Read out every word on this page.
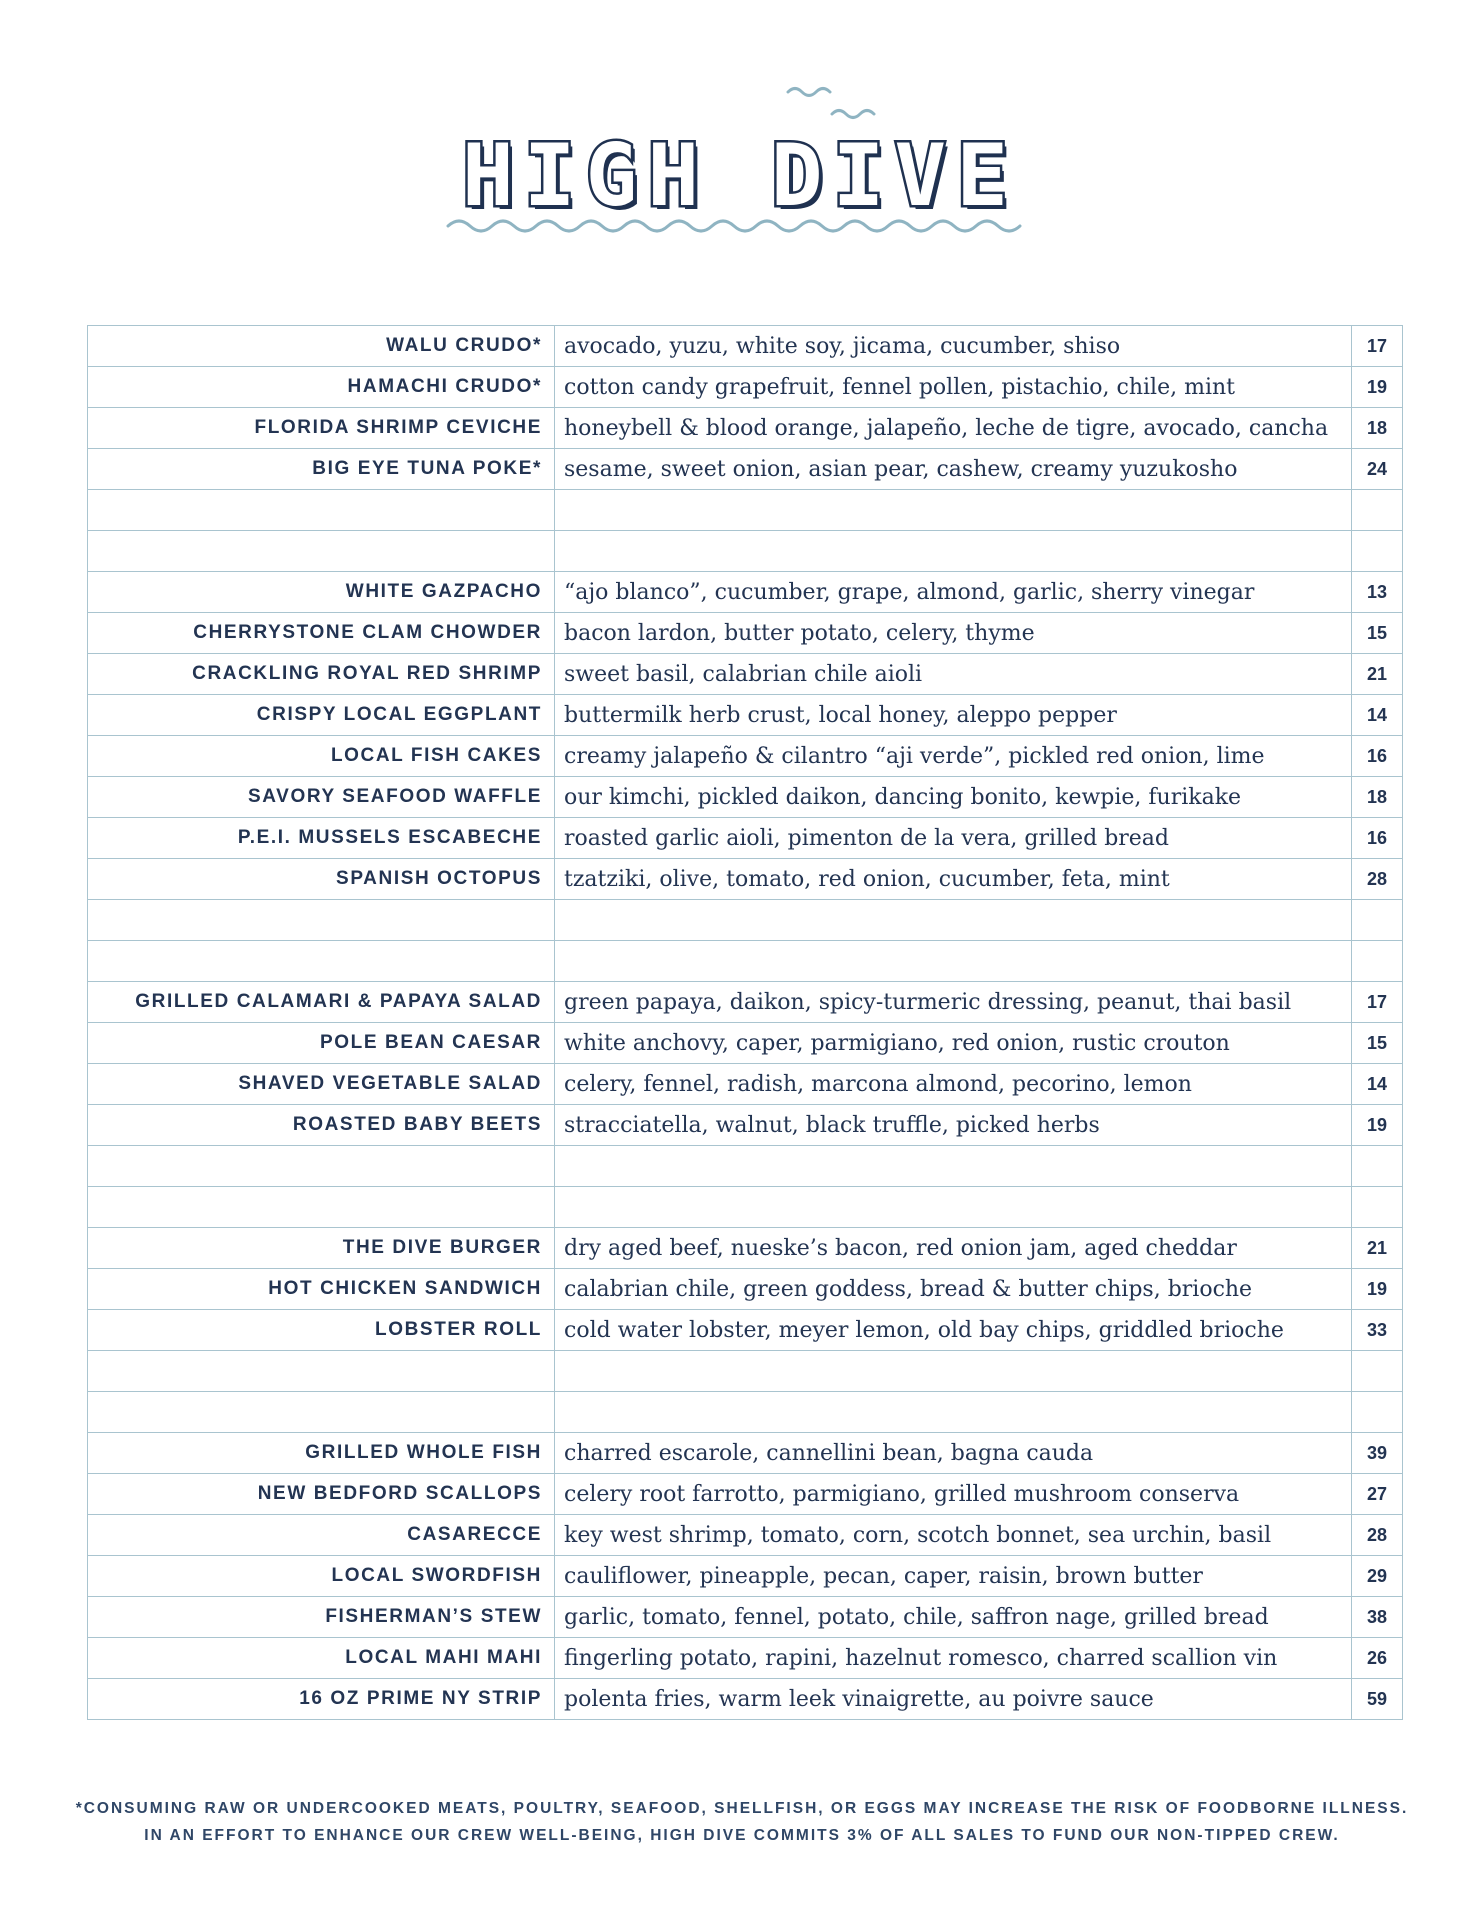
HIGH DIVE
WALU CRUDO*	avocado, yuzu, white soy, jicama, cucumber, shiso	17
HAMACHI CRUDO*	cotton candy grapefruit, fennel pollen, pistachio, chile, mint	19
FLORIDA SHRIMP CEVICHE	honeybell & blood orange, jalapeño, leche de tigre, avocado, cancha	18
BIG EYE TUNA POKE*	sesame, sweet onion, asian pear, cashew, creamy yuzukosho	24

WHITE GAZPACHO	“ajo blanco”, cucumber, grape, almond, garlic, sherry vinegar	13
CHERRYSTONE CLAM CHOWDER	bacon lardon, butter potato, celery, thyme	15
CRACKLING ROYAL RED SHRIMP	sweet basil, calabrian chile aioli	21
CRISPY LOCAL EGGPLANT	buttermilk herb crust, local honey, aleppo pepper	14
LOCAL FISH CAKES	creamy jalapeño & cilantro “aji verde”, pickled red onion, lime	16
SAVORY SEAFOOD WAFFLE	our kimchi, pickled daikon, dancing bonito, kewpie, furikake	18
P.E.I. MUSSELS ESCABECHE	roasted garlic aioli, pimenton de la vera, grilled bread	16
SPANISH OCTOPUS	tzatziki, olive, tomato, red onion, cucumber, feta, mint	28

GRILLED CALAMARI & PAPAYA SALAD	green papaya, daikon, spicy-turmeric dressing, peanut, thai basil	17
POLE BEAN CAESAR	white anchovy, caper, parmigiano, red onion, rustic crouton	15
SHAVED VEGETABLE SALAD	celery, fennel, radish, marcona almond, pecorino, lemon	14
ROASTED BABY BEETS	stracciatella, walnut, black truffle, picked herbs	19

THE DIVE BURGER	dry aged beef, nueske’s bacon, red onion jam, aged cheddar	21
HOT CHICKEN SANDWICH	calabrian chile, green goddess, bread & butter chips, brioche	19
LOBSTER ROLL	cold water lobster, meyer lemon, old bay chips, griddled brioche	33

GRILLED WHOLE FISH	charred escarole, cannellini bean, bagna cauda	39
NEW BEDFORD SCALLOPS	celery root farrotto, parmigiano, grilled mushroom conserva	27
CASARECCE	key west shrimp, tomato, corn, scotch bonnet, sea urchin, basil	28
LOCAL SWORDFISH	cauliflower, pineapple, pecan, caper, raisin, brown butter	29
FISHERMAN’S STEW	garlic, tomato, fennel, potato, chile, saffron nage, grilled bread	38
LOCAL MAHI MAHI	fingerling potato, rapini, hazelnut romesco, charred scallion vin	26
16 OZ PRIME NY STRIP	polenta fries, warm leek vinaigrette, au poivre sauce	59
*CONSUMING RAW OR UNDERCOOKED MEATS, POULTRY, SEAFOOD, SHELLFISH, OR EGGS MAY INCREASE THE RISK OF FOODBORNE ILLNESS.
IN AN EFFORT TO ENHANCE OUR CREW WELL-BEING, HIGH DIVE COMMITS 3% OF ALL SALES TO FUND OUR NON-TIPPED CREW.
